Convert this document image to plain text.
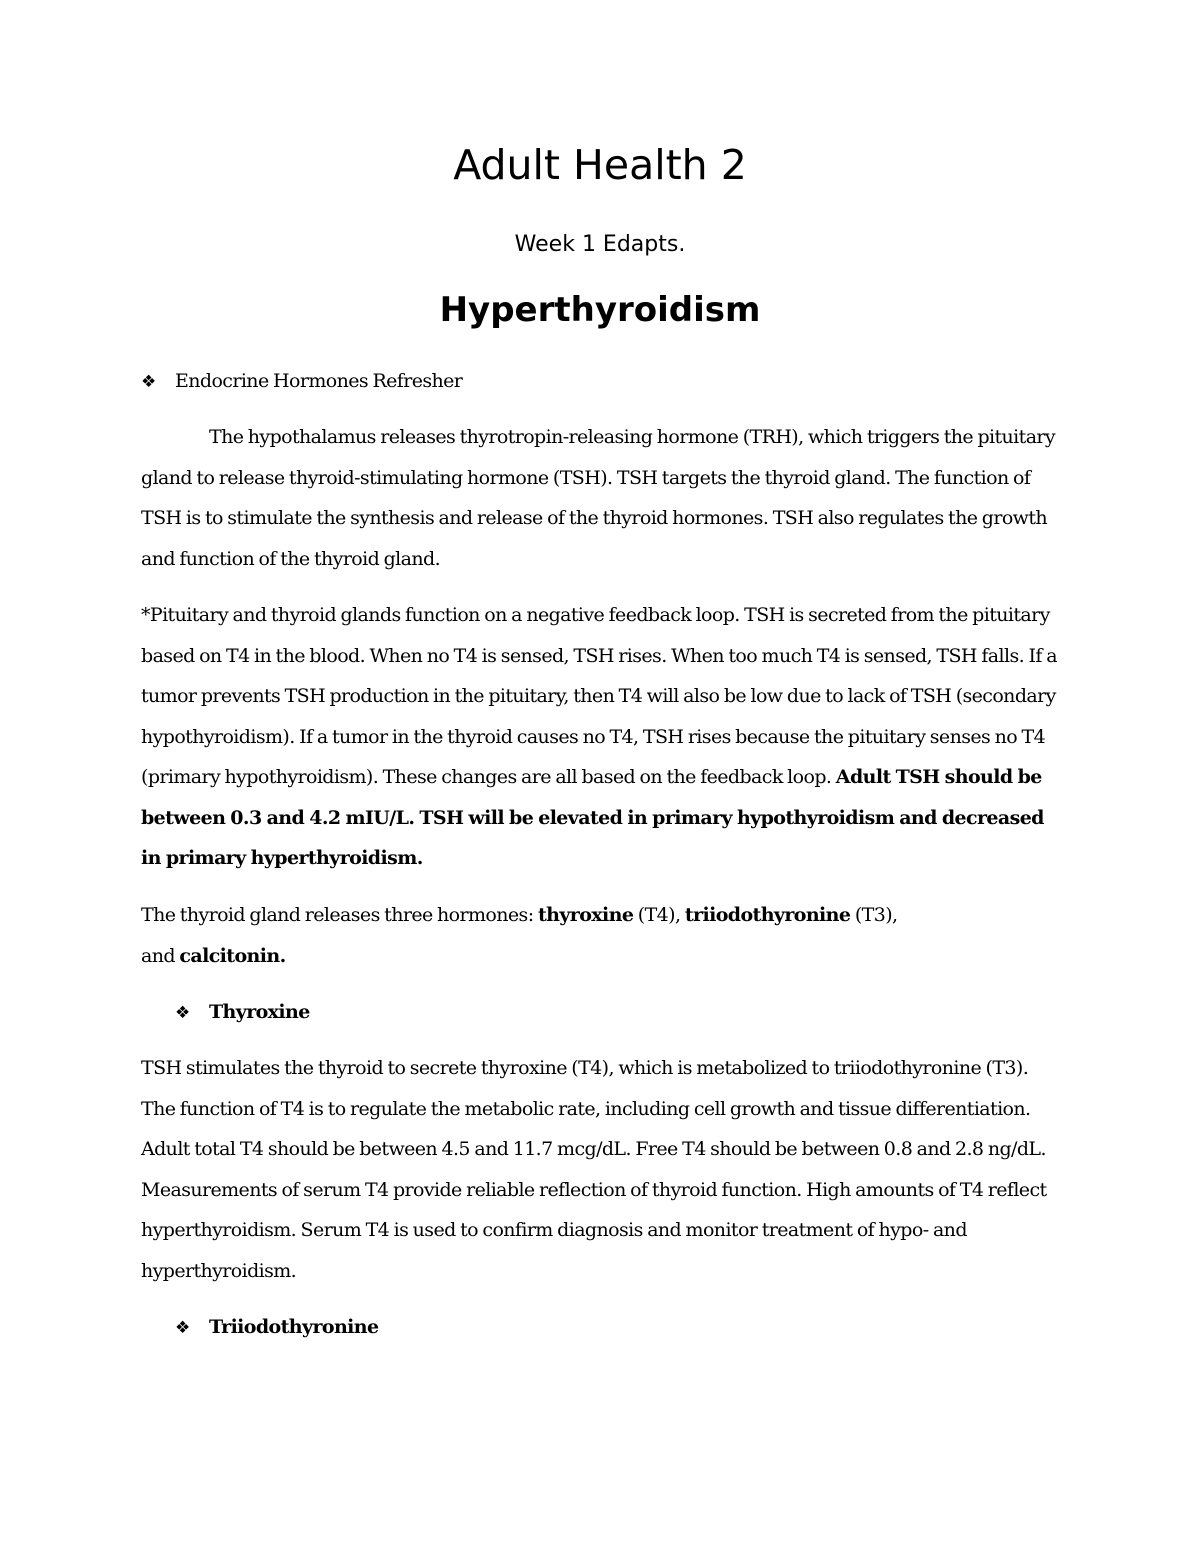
Adult Health 2
Week 1 Edapts.
Hyperthyroidism
❖ Endocrine Hormones Refresher

The hypothalamus releases thyrotropin-releasing hormone (TRH), which triggers the pituitary gland to release thyroid-stimulating hormone (TSH). TSH targets the thyroid gland. The function of TSH is to stimulate the synthesis and release of the thyroid hormones. TSH also regulates the growth and function of the thyroid gland.

*Pituitary and thyroid glands function on a negative feedback loop. TSH is secreted from the pituitary based on T4 in the blood. When no T4 is sensed, TSH rises. When too much T4 is sensed, TSH falls. If a tumor prevents TSH production in the pituitary, then T4 will also be low due to lack of TSH (secondary hypothyroidism). If a tumor in the thyroid causes no T4, TSH rises because the pituitary senses no T4 (primary hypothyroidism). These changes are all based on the feedback loop. Adult TSH should be between 0.3 and 4.2 mIU/L. TSH will be elevated in primary hypothyroidism and decreased in primary hyperthyroidism.

The thyroid gland releases three hormones: thyroxine (T4), triiodothyronine (T3),
and calcitonin.

❖ Thyroxine

TSH stimulates the thyroid to secrete thyroxine (T4), which is metabolized to triiodothyronine (T3). The function of T4 is to regulate the metabolic rate, including cell growth and tissue differentiation. Adult total T4 should be between 4.5 and 11.7 mcg/dL. Free T4 should be between 0.8 and 2.8 ng/dL. Measurements of serum T4 provide reliable reflection of thyroid function. High amounts of T4 reflect hyperthyroidism. Serum T4 is used to confirm diagnosis and monitor treatment of hypo- and hyperthyroidism.

❖ Triiodothyronine
